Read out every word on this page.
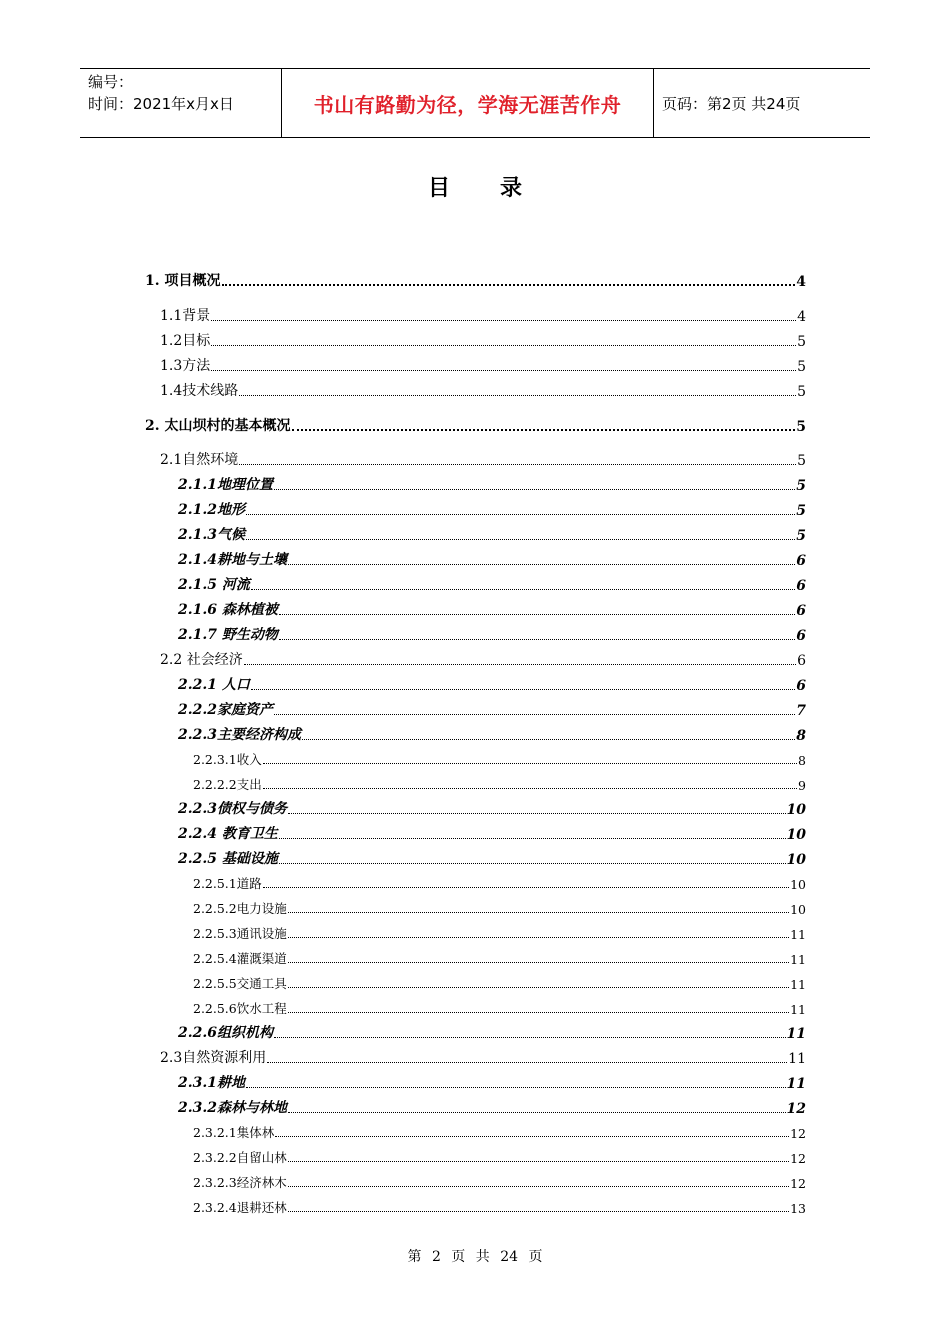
编号：
时间：2021年x月x日	书山有路勤为径，学海无涯苦作舟	页码：第2页 共24页
目录
1. 项目概况	4
1.1背景	4
1.2目标	5
1.3方法	5
1.4技术线路	5
2. 太山坝村的基本概况	5
2.1自然环境	5
2.1.1地理位置	5
2.1.2地形	5
2.1.3气候	5
2.1.4耕地与土壤	6
2.1.5 河流	6
2.1.6 森林植被	6
2.1.7 野生动物	6
2.2 社会经济	6
2.2.1 人口	6
2.2.2家庭资产	7
2.2.3主要经济构成	8
2.2.3.1收入	8
2.2.2.2支出	9
2.2.3债权与债务	10
2.2.4 教育卫生	10
2.2.5 基础设施	10
2.2.5.1道路	10
2.2.5.2电力设施	10
2.2.5.3通讯设施	11
2.2.5.4灌溉渠道	11
2.2.5.5交通工具	11
2.2.5.6饮水工程	11
2.2.6组织机构	11
2.3自然资源利用	11
2.3.1耕地	11
2.3.2森林与林地	12
2.3.2.1集体林	12
2.3.2.2自留山林	12
2.3.2.3经济林木	12
2.3.2.4退耕还林	13
第 2 页 共 24 页
